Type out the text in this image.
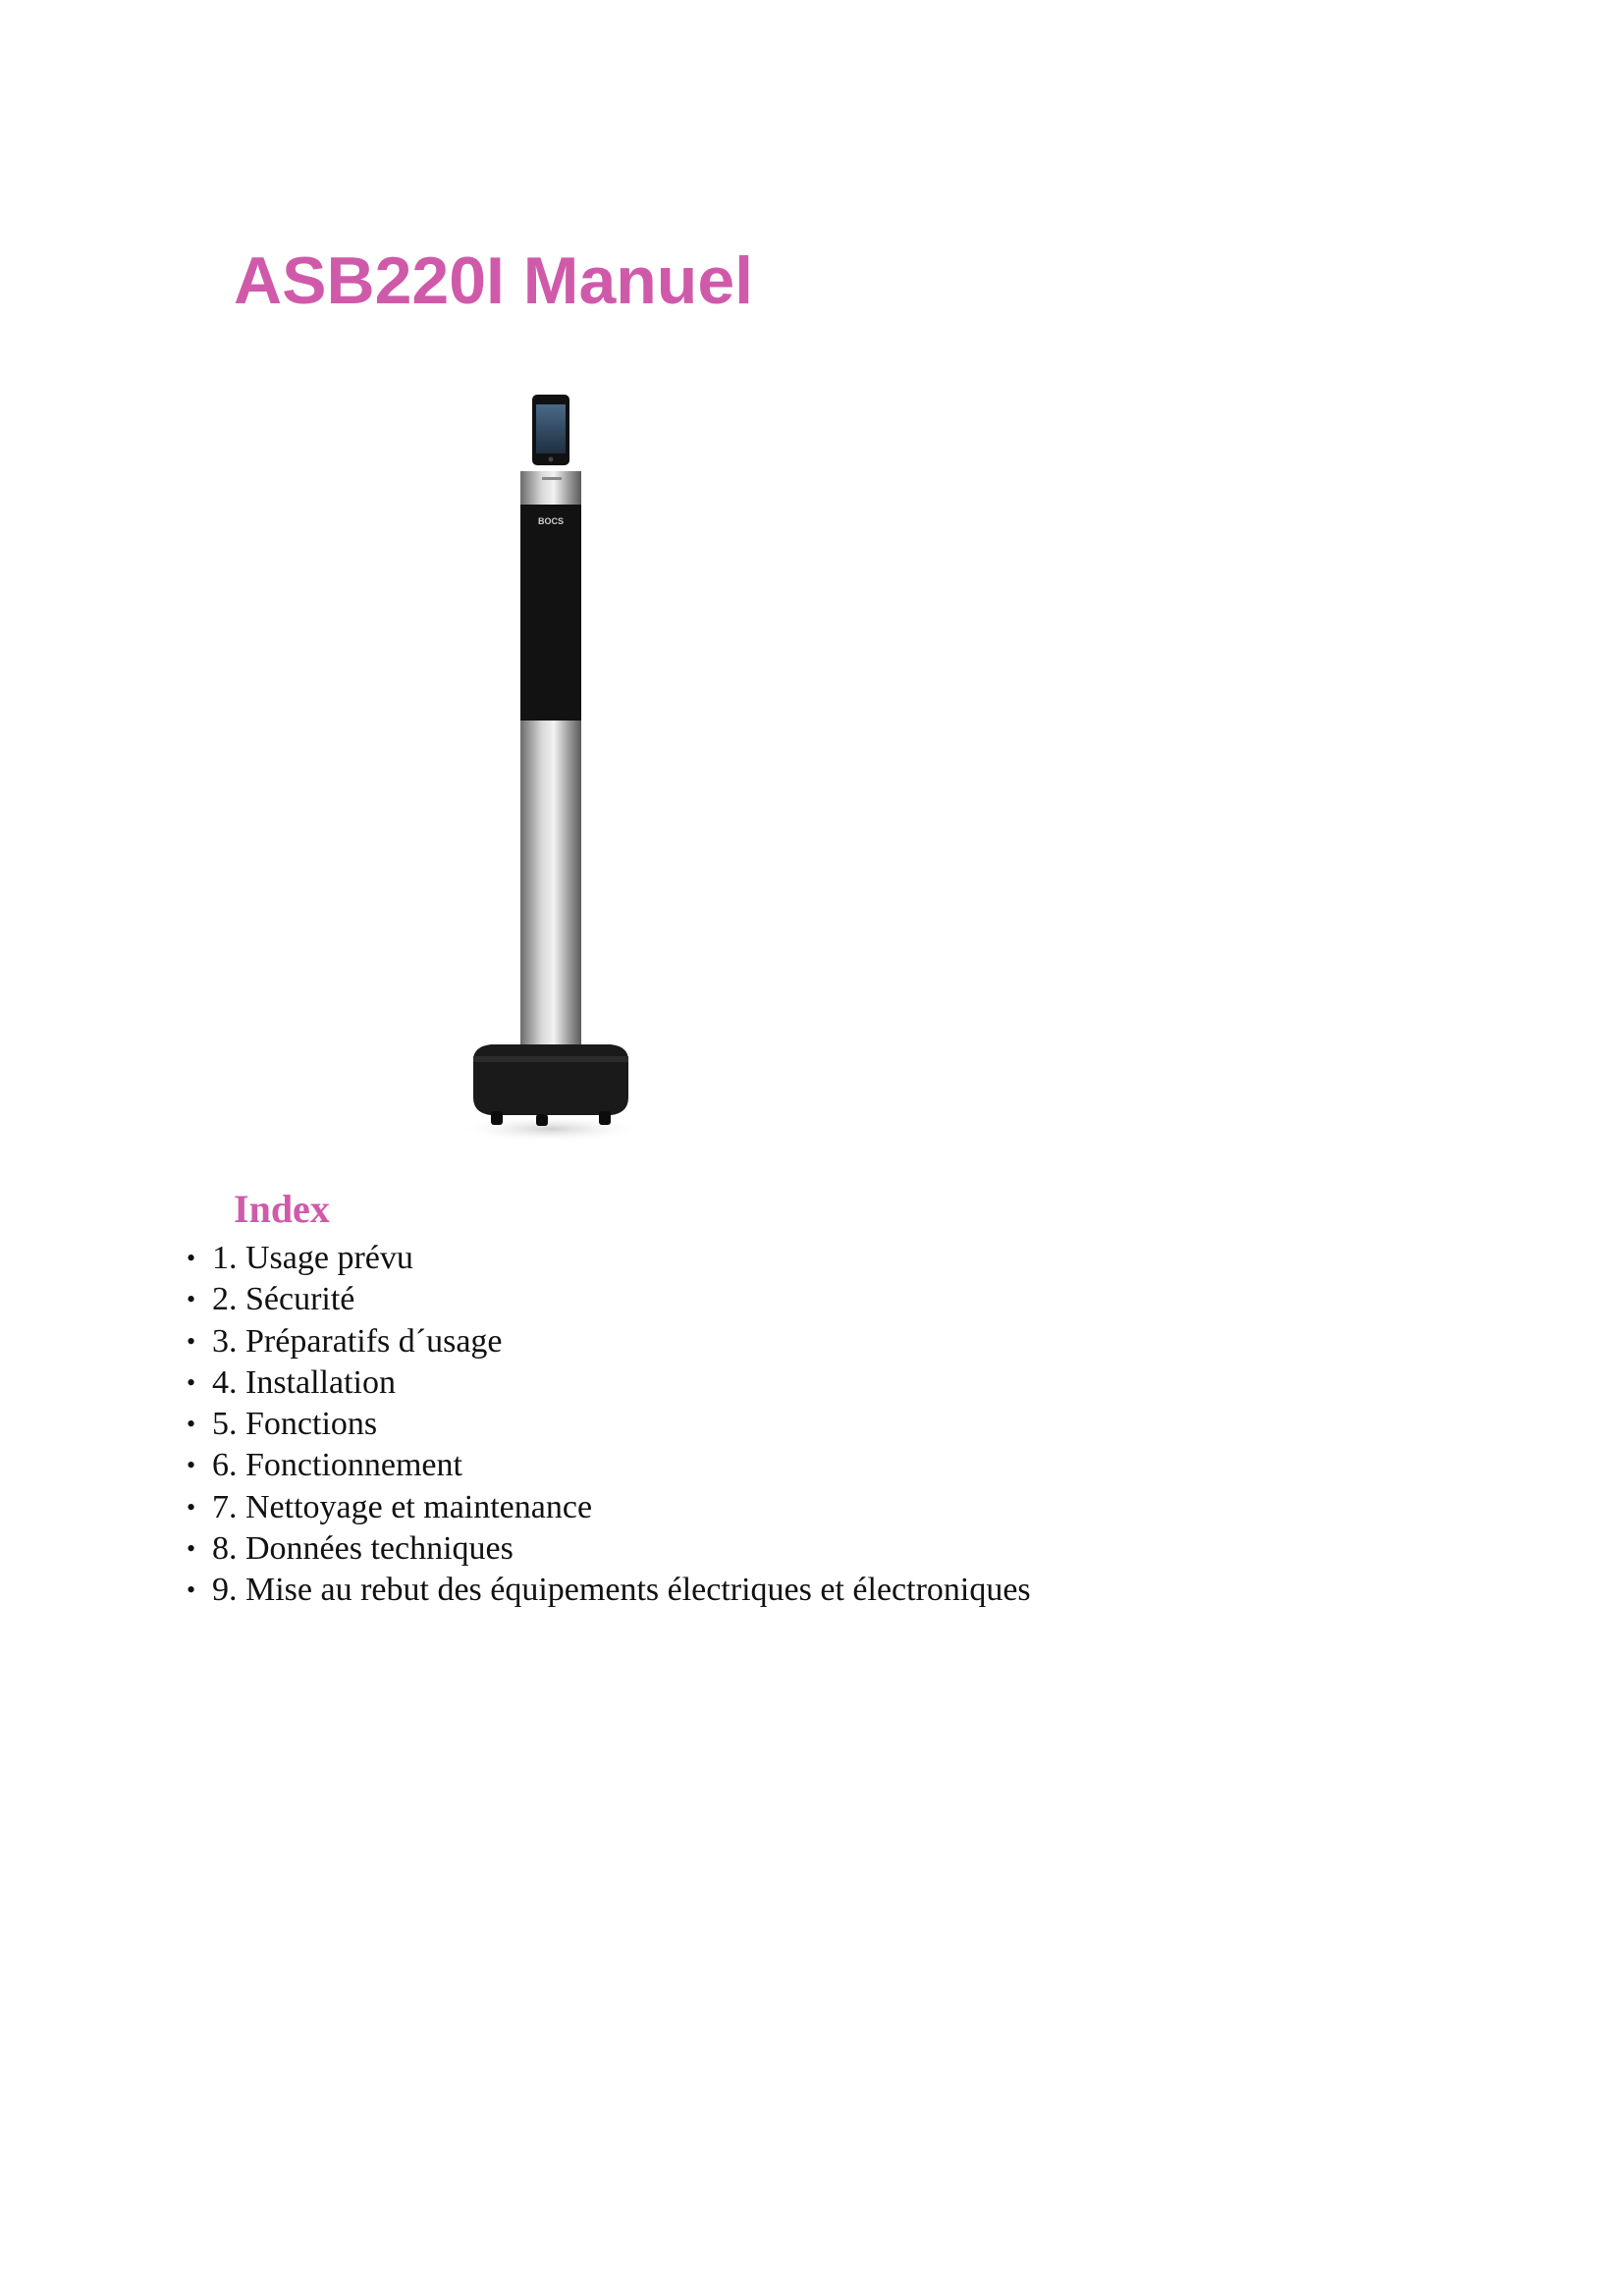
ASB220I Manuel
BOCS
Index
• 1. Usage prévu
• 2. Sécurité
• 3. Préparatifs d´usage
• 4. Installation
• 5. Fonctions
• 6. Fonctionnement
• 7. Nettoyage et maintenance
• 8. Données techniques
• 9. Mise au rebut des équipements électriques et électroniques
